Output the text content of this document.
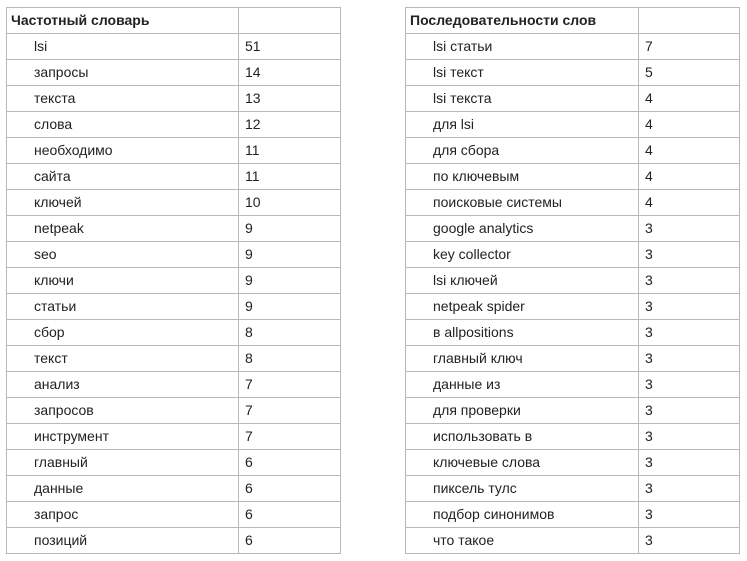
Частотный словарь	
lsi	51
запросы	14
текста	13
слова	12
необходимо	11
сайта	11
ключей	10
netpeak	9
seo	9
ключи	9
статьи	9
сбор	8
текст	8
анализ	7
запросов	7
инструмент	7
главный	6
данные	6
запрос	6
позиций	6
Последовательности слов	
lsi статьи	7
lsi текст	5
lsi текста	4
для lsi	4
для сбора	4
по ключевым	4
поисковые системы	4
google analytics	3
key collector	3
lsi ключей	3
netpeak spider	3
в allpositions	3
главный ключ	3
данные из	3
для проверки	3
использовать в	3
ключевые слова	3
пиксель тулс	3
подбор синонимов	3
что такое	3
